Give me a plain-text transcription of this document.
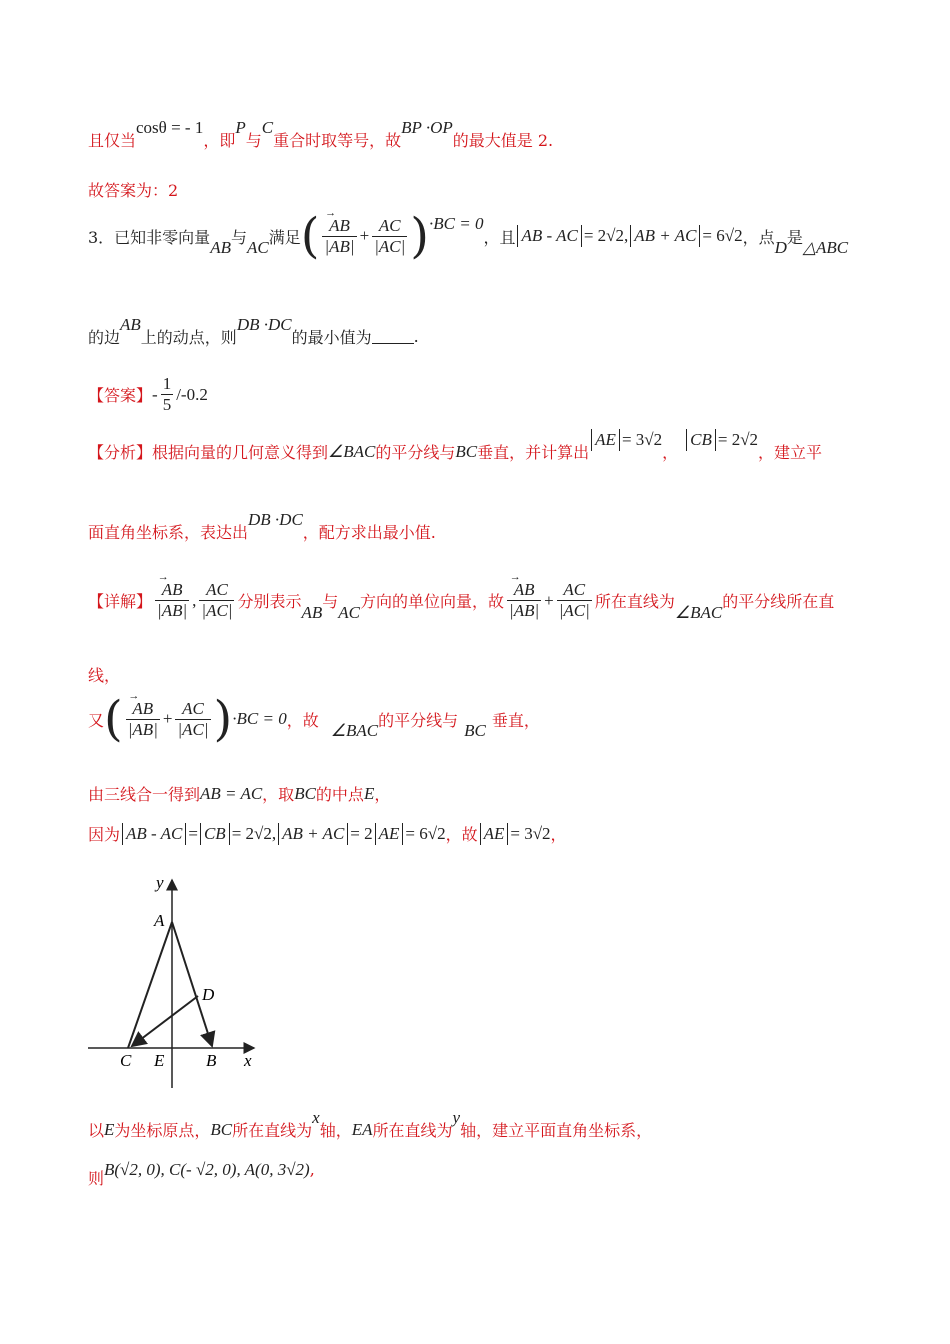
且仅当
cosθ = - 1
，即
P
与
C
重合时取等号，故
BP ·OP
的最大值是 2.
故答案为：2
3．已知非零向量
AB
与
AC
满足 ( → $\frac{AB}{|AB|} + \frac{AC}{|AC|}$ ) ·BC = 0
，且 AB - AC = 2√2, AB + AC = 6√2 ，点
D
是
△ABC
的边
AB
上的动点，则
DB ·DC
的最小值为	.
【答案】 - $\frac{1}{5} /-0.2$
【分析】 根据向量的几何意义得到 ∠BAC 的平分线与 BC 垂直，并计算出
AE = 3√2
，
CB = 2√2
，建立平
面直角坐标系，表达出
DB ·DC
，配方求出最小值.
【详解】 → $\frac{AB}{|AB|}$ , $\frac{AC}{|AC|}$ 分别表示
AB
与
AC
方向的单位向量，故 → $\frac{AB}{|AB|} + \frac{AC}{|AC|}$ 所在直线为
∠BAC
的平分线所在直
线，
又 ( → $\frac{AB}{|AB|} + \frac{AC}{|AC|}$ ) ·BC = 0 ，故
∠BAC
的平分线与
BC
垂直，
由三线合一得到 AB = AC ，取 BC 的中点 E ，
因为 AB - AC = CB = 2√2, AB + AC = 2 AE = 6√2 ，故 AE = 3√2 ，
y
x
A
D
C E B
以 E 为坐标原点， BC 所在直线为
x
轴， EA 所在直线为
y
轴，建立平面直角坐标系，
则 B(√2, 0), C(- √2, 0), A(0, 3√2) ,
